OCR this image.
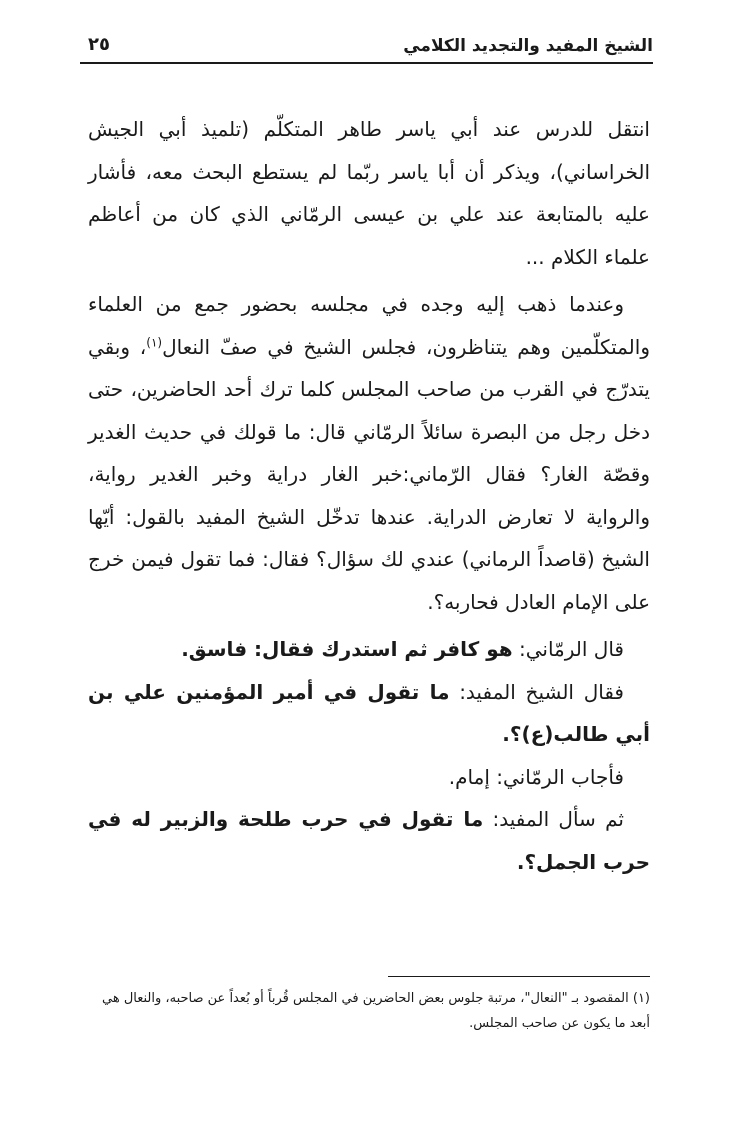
الشيخ المفيد والتجديد الكلامي
٢٥

انتقل للدرس عند أبي ياسر طاهر المتكلّم (تلميذ أبي الجيش الخراساني)، ويذكر أن أبا ياسر ربّما لم يستطع البحث معه، فأشار عليه بالمتابعة عند علي بن عيسى الرمّاني الذي كان من أعاظم علماء الكلام ...

وعندما ذهب إليه وجده في مجلسه بحضور جمع من العلماء والمتكلّمين وهم يتناظرون، فجلس الشيخ في صفّ النعال$^{(١)}$، وبقي يتدرّج في القرب من صاحب المجلس كلما ترك أحد الحاضرين، حتى دخل رجل من البصرة سائلاً الرمّاني قال: ما قولك في حديث الغدير وقصّة الغار؟ فقال الرّماني:خبر الغار دراية وخبر الغدير رواية، والرواية لا تعارض الدراية. عندها تدخّل الشيخ المفيد بالقول: أيّها الشيخ (قاصداً الرماني) عندي لك سؤال؟ فقال: فما تقول فيمن خرج على الإمام العادل فحاربه؟.

قال الرمّاني: هو كافر ثم استدرك فقال: فاسق.

فقال الشيخ المفيد: ما تقول في أمير المؤمنين علي بن أبي طالب(ع)؟.

فأجاب الرمّاني: إمام.

ثم سأل المفيد: ما تقول في حرب طلحة والزبير له في حرب الجمل؟.

(١) المقصود بـ "النعال"، مرتبة جلوس بعض الحاضرين في المجلس قُرباً أو بُعداً عن صاحبه، والنعال هي أبعد ما يكون عن صاحب المجلس.
